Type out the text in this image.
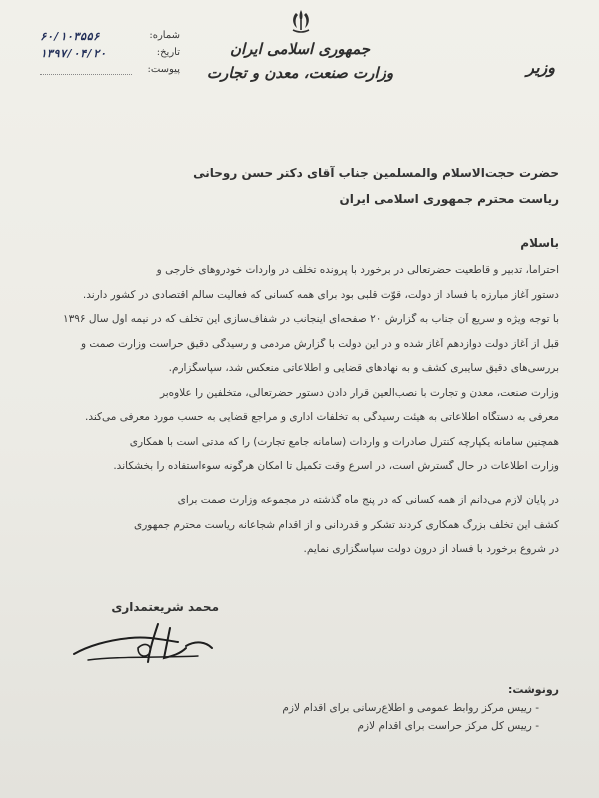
جمهوری اسلامی ایران
وزارت صنعت، معدن و تجارت	وزیر
شماره:
۶۰/۱۰۳۵۵۶
تاریخ:
۱۳۹۷/۰۴/۲۰
پیوست:
حضرت حجت‌الاسلام والمسلمین جناب آقای دکتر حسن روحانی
ریاست محترم جمهوری اسلامی ایران
باسلام
احتراماً، تدبیر و قاطعیت حضرتعالی در برخورد با پرونده تخلف در واردات خودروهای خارجی و
دستور آغاز مبارزه با فساد از دولت، قوّت قلبی بود برای همه کسانی که فعالیت سالم اقتصادی در کشور دارند.
با توجه ویژه و سریع آن جناب به گزارش ۲۰ صفحه‌ای اینجانب در شفاف‌سازی این تخلف که در نیمه اول سال ۱۳۹۶
قبل از آغاز دولت دوازدهم آغاز شده و در این دولت با گزارش مردمی و رسیدگی دقیق حراست وزارت صمت و
بررسی‌های دقیق سایبری کشف و به نهادهای قضایی و اطلاعاتی منعکس شد، سپاسگزارم.
وزارت صنعت، معدن و تجارت با نصب‌العین قرار دادن دستور حضرتعالی، متخلفین را علاوه‌بر
معرفی به دستگاه اطلاعاتی به هیئت رسیدگی به تخلفات اداری و مراجع قضایی به حسب مورد معرفی می‌کند.
همچنین سامانه یکپارچه کنترل صادرات و واردات (سامانه جامع تجارت) را که مدتی است با همکاری
وزارت اطلاعات در حال گسترش است، در اسرع وقت تکمیل تا امکان هرگونه سوءاستفاده را بخشکاند.
در پایان لازم می‌دانم از همه کسانی که در پنج ماه گذشته در مجموعه وزارت صمت برای
کشف این تخلف بزرگ همکاری کردند تشکر و قدردانی و از اقدام شجاعانه ریاست محترم جمهوری
در شروع برخورد با فساد از درون دولت سپاسگزاری نمایم.
محمد شریعتمداری
رونوشت:
- رییس مرکز روابط عمومی و اطلاع‌رسانی برای اقدام لازم
- رییس کل مرکز حراست برای اقدام لازم
